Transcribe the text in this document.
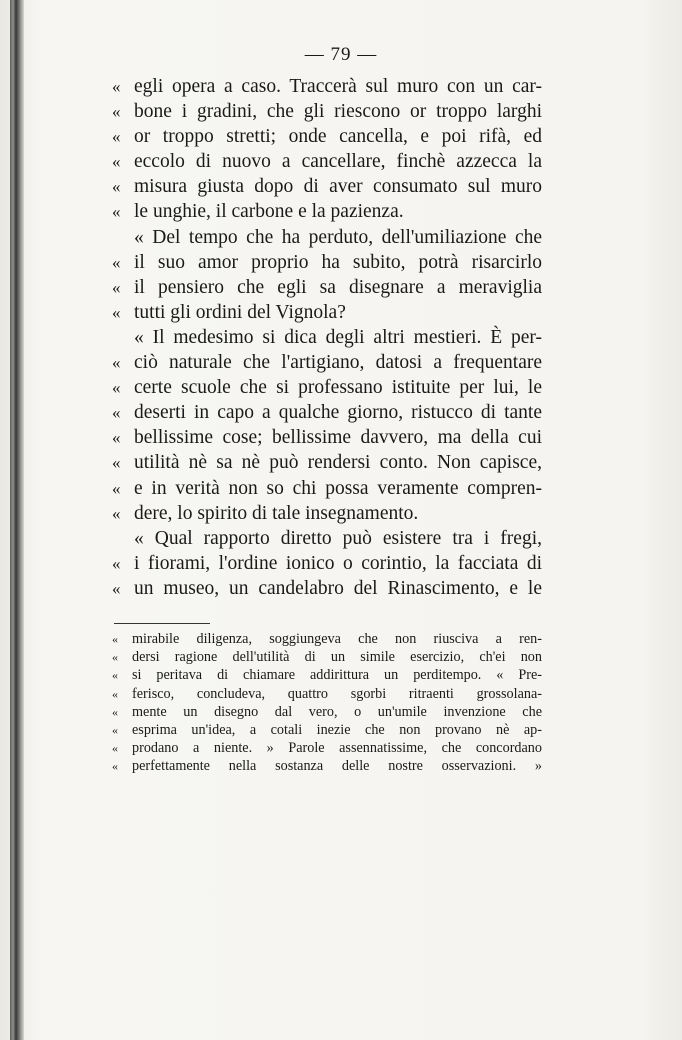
— 79 —
« egli opera a caso. Traccerà sul muro con un car-
« bone i gradini, che gli riescono or troppo larghi
« or troppo stretti; onde cancella, e poi rifà, ed
« eccolo di nuovo a cancellare, finchè azzecca la
« misura giusta dopo di aver consumato sul muro
« le unghie, il carbone e la pazienza.
« Del tempo che ha perduto, dell'umiliazione che
« il suo amor proprio ha subito, potrà risarcirlo
« il pensiero che egli sa disegnare a meraviglia
« tutti gli ordini del Vignola?
« Il medesimo si dica degli altri mestieri. È per-
« ciò naturale che l'artigiano, datosi a frequentare
« certe scuole che si professano istituite per lui, le
« deserti in capo a qualche giorno, ristucco di tante
« bellissime cose; bellissime davvero, ma della cui
« utilità nè sa nè può rendersi conto. Non capisce,
« e in verità non so chi possa veramente compren-
« dere, lo spirito di tale insegnamento.
« Qual rapporto diretto può esistere tra i fregi,
« i fiorami, l'ordine ionico o corintio, la facciata di
« un museo, un candelabro del Rinascimento, e le
« mirabile diligenza, soggiungeva che non riusciva a ren-
« dersi ragione dell'utilità di un simile esercizio, ch'ei non
« si peritava di chiamare addirittura un perditempo. « Pre-
« ferisco, concludeva, quattro sgorbi ritraenti grossolana-
« mente un disegno dal vero, o un'umile invenzione che
« esprima un'idea, a cotali inezie che non provano nè ap-
« prodano a niente. » Parole assennatissime, che concordano
« perfettamente nella sostanza delle nostre osservazioni. »
